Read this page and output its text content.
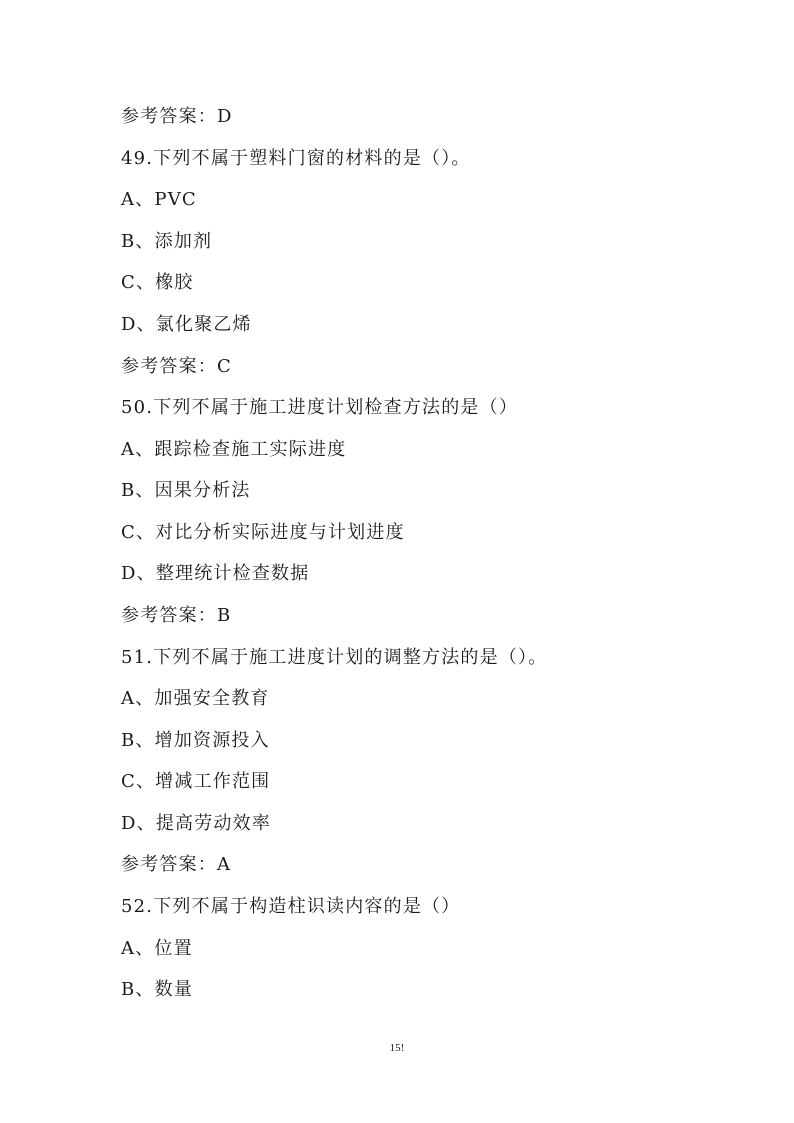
参考答案：D
49.下列不属于塑料门窗的材料的是（）。
A、PVC
B、添加剂
C、橡胶
D、氯化聚乙烯
参考答案：C
50.下列不属于施工进度计划检查方法的是（）
A、跟踪检查施工实际进度
B、因果分析法
C、对比分析实际进度与计划进度
D、整理统计检查数据
参考答案：B
51.下列不属于施工进度计划的调整方法的是（）。
A、加强安全教育
B、增加资源投入
C、增减工作范围
D、提高劳动效率
参考答案：A
52.下列不属于构造柱识读内容的是（）
A、位置
B、数量
15!
